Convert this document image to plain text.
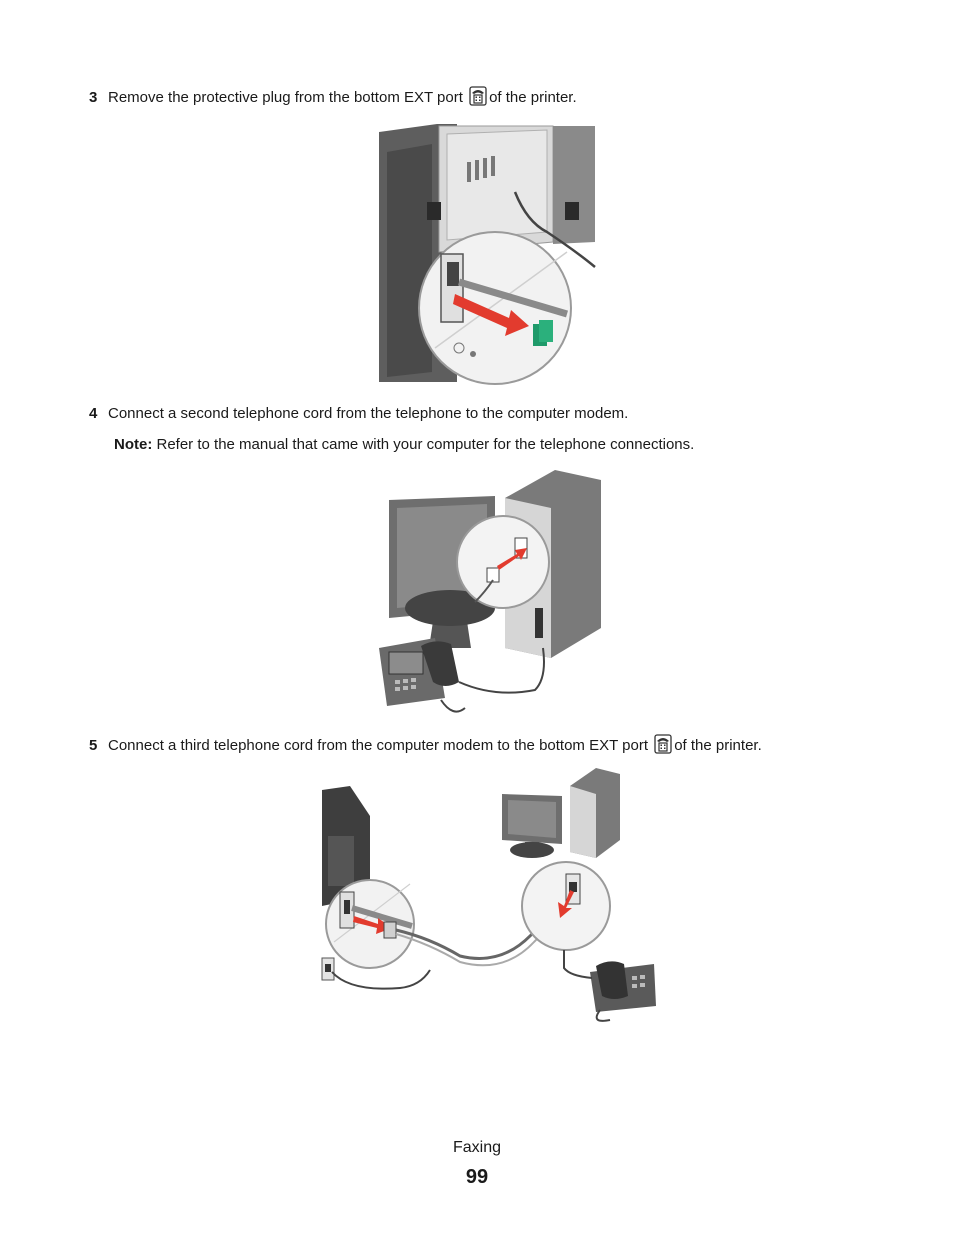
3 Remove the protective plug from the bottom EXT port of the printer.
4 Connect a second telephone cord from the telephone to the computer modem.
Note: Refer to the manual that came with your computer for the telephone connections.
5 Connect a third telephone cord from the computer modem to the bottom EXT port of the printer.
Faxing
99
